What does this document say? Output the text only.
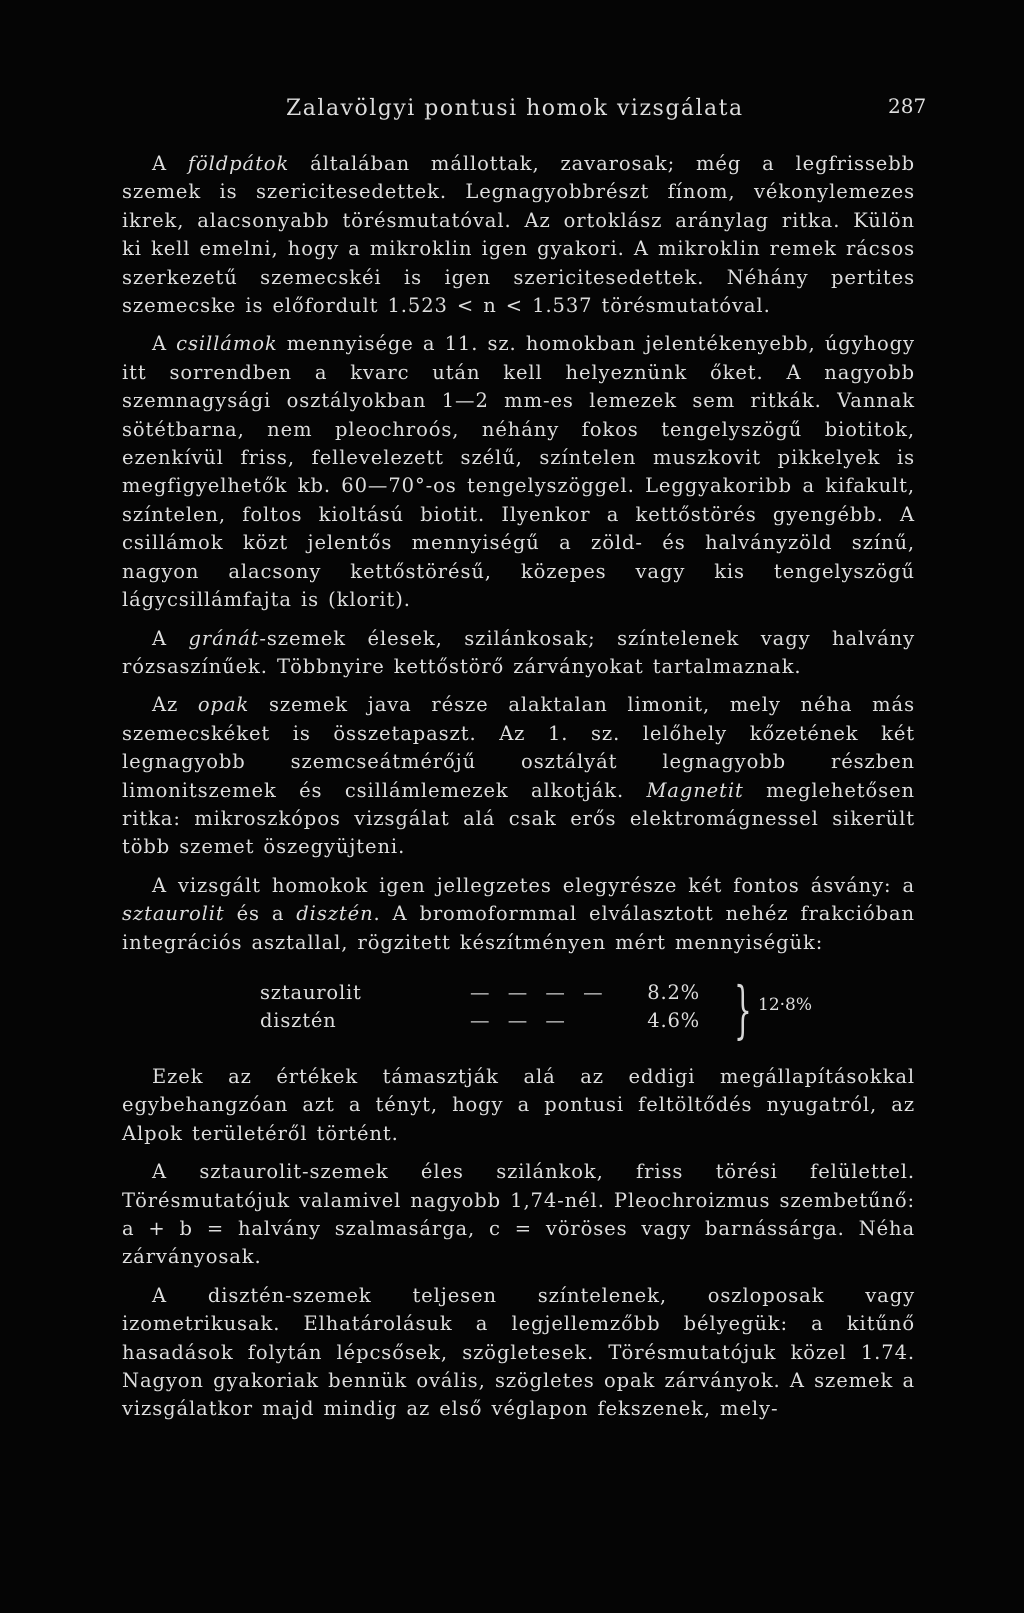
Zalavölgyi pontusi homok vizsgálata	287

A földpátok általában mállottak, zavarosak; még a legfrissebb szemek is szericitesedettek. Legnagyobbrészt fínom, vékonylemezes ikrek, alacsonyabb törésmutatóval. Az ortoklász aránylag ritka. Külön ki kell emelni, hogy a mikroklin igen gyakori. A mikroklin remek rácsos szerkezetű szemecskéi is igen szericitesedettek. Néhány pertites szemecske is előfordult 1.523 < n < 1.537 törésmutatóval.

A csillámok mennyisége a 11. sz. homokban jelentékenyebb, úgyhogy itt sorrendben a kvarc után kell helyeznünk őket. A nagyobb szemnagysági osztályokban 1—2 mm-es lemezek sem ritkák. Vannak sötétbarna, nem pleochroós, néhány fokos tengelyszögű biotitok, ezenkívül friss, fellevelezett szélű, színtelen muszkovit pikkelyek is megfigyelhetők kb. 60—70°-os tengelyszöggel. Leggyakoribb a kifakult, színtelen, foltos kioltású biotit. Ilyenkor a kettőstörés gyengébb. A csillámok közt jelentős mennyiségű a zöld- és halványzöld színű, nagyon alacsony kettőstörésű, közepes vagy kis tengelyszögű lágycsillámfajta is (klorit).

A gránát-szemek élesek, szilánkosak; színtelenek vagy halvány rózsaszínűek. Többnyire kettőstörő zárványokat tartalmaznak.

Az opak szemek java része alaktalan limonit, mely néha más szemecskéket is összetapaszt. Az 1. sz. lelőhely kőzetének két legnagyobb szemcseátmérőjű osztályát legnagyobb részben limonitszemek és csillámlemezek alkotják. Magnetit meglehetősen ritka: mikroszkópos vizsgálat alá csak erős elektromágnessel sikerült több szemet öszegyüjteni.

A vizsgált homokok igen jellegzetes elegyrésze két fontos ásvány: a sztaurolit és a disztén. A bromoformmal elválasztott nehéz frakcióban integrációs asztallal, rögzitett készítményen mért mennyiségük:

sztaurolit	— — — — 8.2%
disztén	— — —	4.6% } 12·8%

Ezek az értékek támasztják alá az eddigi megállapításokkal egybehangzóan azt a tényt, hogy a pontusi feltöltődés nyugatról, az Alpok területéről történt.

A sztaurolit-szemek éles szilánkok, friss törési felülettel. Törésmutatójuk valamivel nagyobb 1,74-nél. Pleochroizmus szembetűnő: a + b = halvány szalmasárga, c = vöröses vagy barnássárga. Néha zárványosak.

A disztén-szemek teljesen színtelenek, oszloposak vagy izometrikusak. Elhatárolásuk a legjellemzőbb bélyegük: a kitűnő hasadások folytán lépcsősek, szögletesek. Törésmutatójuk közel 1.74. Nagyon gyakoriak bennük ovális, szögletes opak zárványok. A szemek a vizsgálatkor majd mindig az első véglapon fekszenek, mely-
